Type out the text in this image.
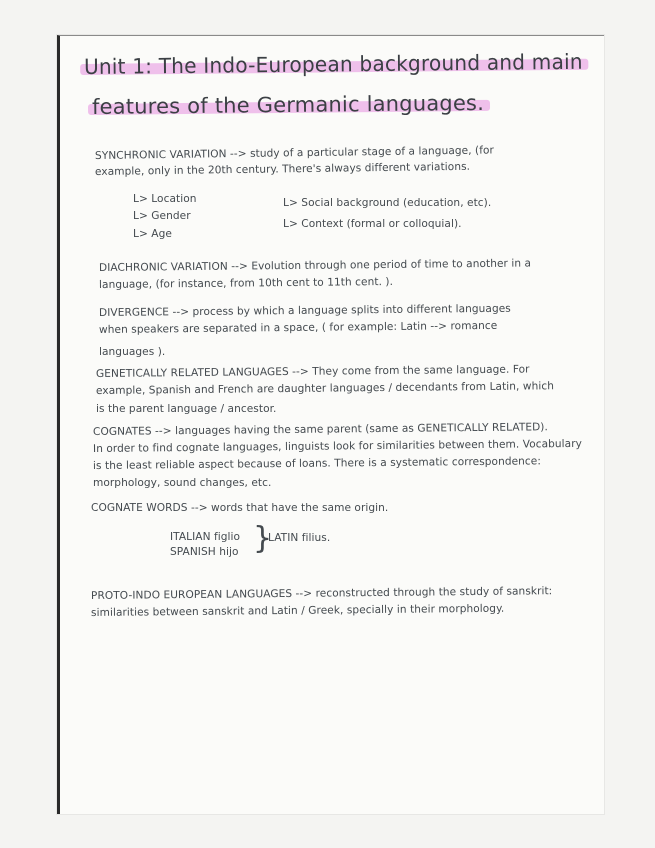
Unit 1: The Indo-European background and main
features of the Germanic languages.
SYNCHRONIC VARIATION --> study of a particular stage of a language, (for
example, only in the 20th century. There's always different variations.
L> Location
L> Gender
L> Age
L> Social background (education, etc).
L> Context (formal or colloquial).
DIACHRONIC VARIATION --> Evolution through one period of time to another in a
language, (for instance, from 10th cent to 11th cent. ).
DIVERGENCE --> process by which a language splits into different languages
when speakers are separated in a space, ( for example: Latin --> romance
languages ).
GENETICALLY RELATED LANGUAGES --> They come from the same language. For
example, Spanish and French are daughter languages / decendants from Latin, which
is the parent language / ancestor.
COGNATES --> languages having the same parent (same as GENETICALLY RELATED).
In order to find cognate languages, linguists look for similarities between them. Vocabulary
is the least reliable aspect because of loans. There is a systematic correspondence:
morphology, sound changes, etc.
COGNATE WORDS --> words that have the same origin.
ITALIAN figlio
SPANISH hijo }
LATIN filius.
PROTO-INDO EUROPEAN LANGUAGES --> reconstructed through the study of sanskrit:
similarities between sanskrit and Latin / Greek, specially in their morphology.
